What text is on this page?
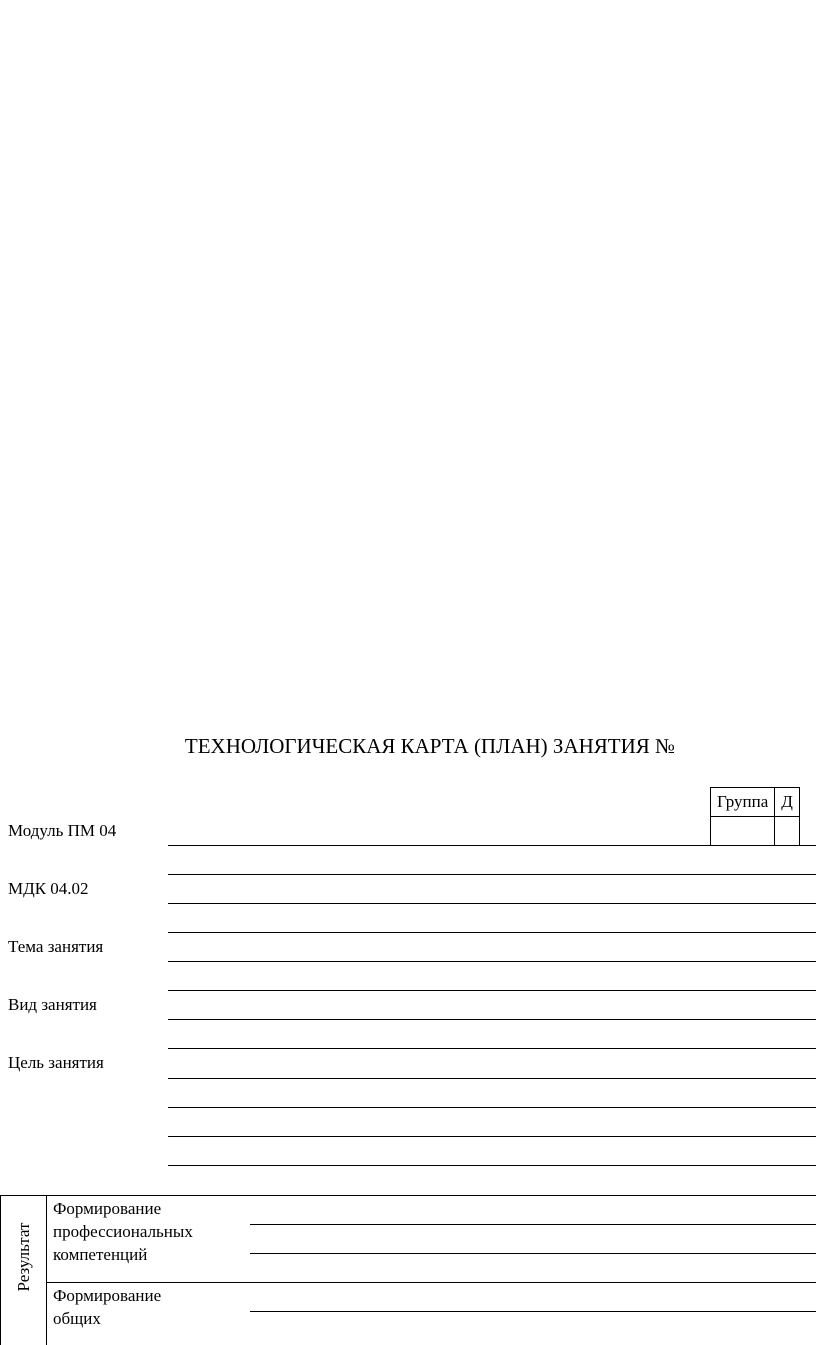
ТЕХНОЛОГИЧЕСКАЯ КАРТА (ПЛАН) ЗАНЯТИЯ №
Группа	Д

Модуль ПМ 04
МДК 04.02
Тема занятия
Вид занятия
Цель занятия
Результат
Формирование
профессиональных
компетенций
Формирование
общих
